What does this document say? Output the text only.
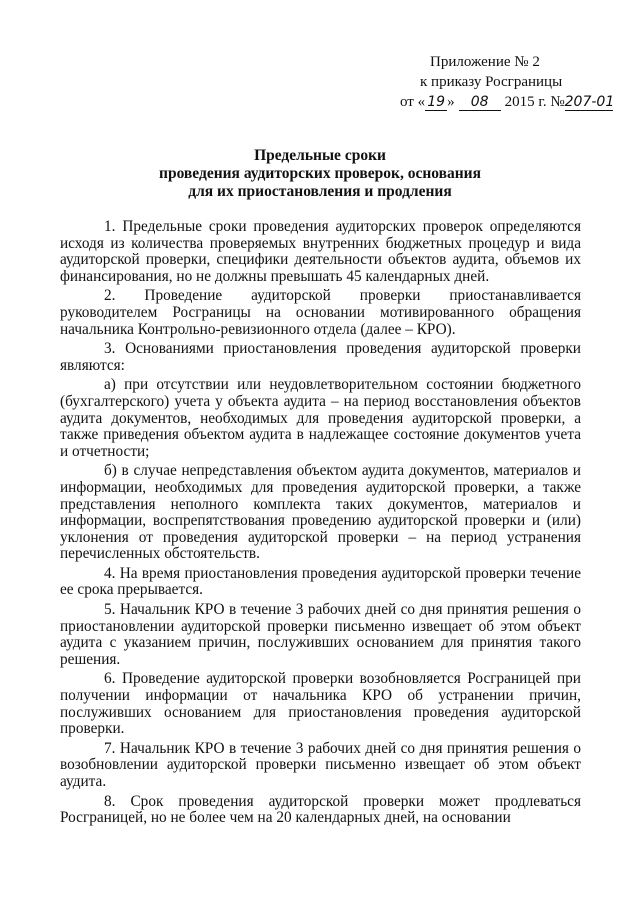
Приложение № 2
к приказу Росграницы
от « 19 » 08 2015 г. №207-01
Предельные сроки
проведения аудиторских проверок, основания
для их приостановления и продления

1. Предельные сроки проведения аудиторских проверок определяются исходя из количества проверяемых внутренних бюджетных процедур и вида аудиторской проверки, специфики деятельности объектов аудита, объемов их финансирования, но не должны превышать 45 календарных дней.

2. Проведение аудиторской проверки приостанавливается руководителем Росграницы на основании мотивированного обращения начальника Контрольно-ревизионного отдела (далее – КРО).

3. Основаниями приостановления проведения аудиторской проверки являются:

а) при отсутствии или неудовлетворительном состоянии бюджетного (бухгалтерского) учета у объекта аудита – на период восстановления объектов аудита документов, необходимых для проведения аудиторской проверки, а также приведения объектом аудита в надлежащее состояние документов учета и отчетности;

б) в случае непредставления объектом аудита документов, материалов и информации, необходимых для проведения аудиторской проверки, а также представления неполного комплекта таких документов, материалов и информации, воспрепятствования проведению аудиторской проверки и (или) уклонения от проведения аудиторской проверки – на период устранения перечисленных обстоятельств.

4. На время приостановления проведения аудиторской проверки течение ее срока прерывается.

5. Начальник КРО в течение 3 рабочих дней со дня принятия решения о приостановлении аудиторской проверки письменно извещает об этом объект аудита с указанием причин, послуживших основанием для принятия такого решения.

6. Проведение аудиторской проверки возобновляется Росграницей при получении информации от начальника КРО об устранении причин, послуживших основанием для приостановления проведения аудиторской проверки.

7. Начальник КРО в течение 3 рабочих дней со дня принятия решения о возобновлении аудиторской проверки письменно извещает об этом объект аудита.

8. Срок проведения аудиторской проверки может продлеваться Росграницей, но не более чем на 20 календарных дней, на основании
